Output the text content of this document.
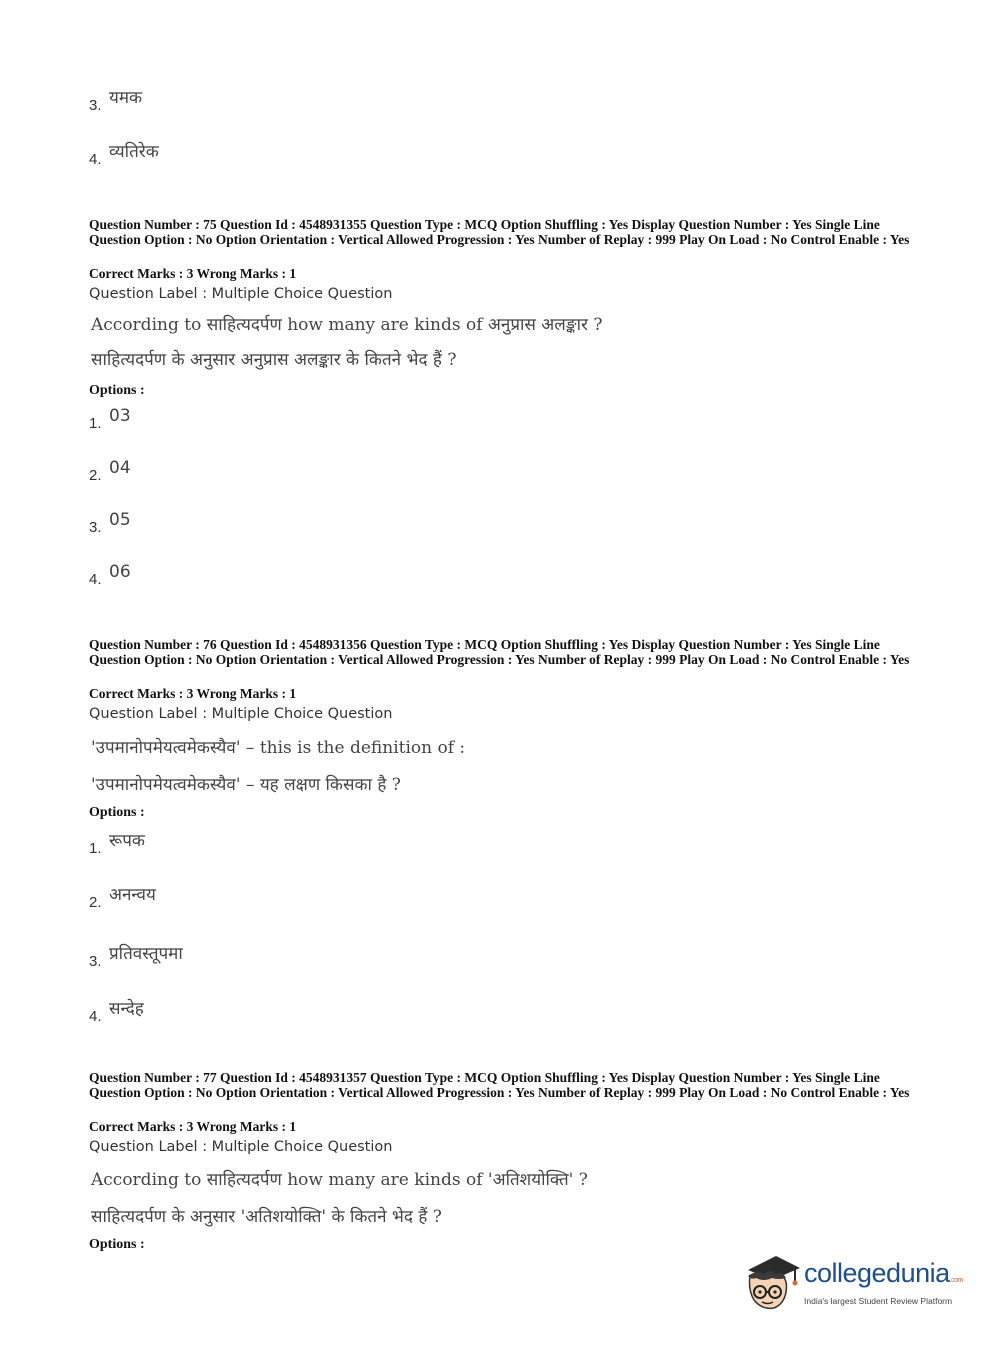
3. यमक
4. व्यतिरेक
Question Number : 75 Question Id : 4548931355 Question Type : MCQ Option Shuffling : Yes Display Question Number : Yes Single Line Question Option : No Option Orientation : Vertical Allowed Progression : Yes Number of Replay : 999 Play On Load : No Control Enable : Yes
Correct Marks : 3 Wrong Marks : 1
Question Label : Multiple Choice Question
According to साहित्यदर्पण how many are kinds of अनुप्रास अलङ्कार ?
साहित्यदर्पण के अनुसार अनुप्रास अलङ्कार के कितने भेद हैं ?
Options :
1. 03
2. 04
3. 05
4. 06
Question Number : 76 Question Id : 4548931356 Question Type : MCQ Option Shuffling : Yes Display Question Number : Yes Single Line Question Option : No Option Orientation : Vertical Allowed Progression : Yes Number of Replay : 999 Play On Load : No Control Enable : Yes
Correct Marks : 3 Wrong Marks : 1
Question Label : Multiple Choice Question
'उपमानोपमेयत्वमेकस्यैव' – this is the definition of :
'उपमानोपमेयत्वमेकस्यैव' – यह लक्षण किसका है ?
Options :
1. रूपक
2. अनन्वय
3. प्रतिवस्तूपमा
4. सन्देह
Question Number : 77 Question Id : 4548931357 Question Type : MCQ Option Shuffling : Yes Display Question Number : Yes Single Line Question Option : No Option Orientation : Vertical Allowed Progression : Yes Number of Replay : 999 Play On Load : No Control Enable : Yes
Correct Marks : 3 Wrong Marks : 1
Question Label : Multiple Choice Question
According to साहित्यदर्पण how many are kinds of 'अतिशयोक्ति' ?
साहित्यदर्पण के अनुसार 'अतिशयोक्ति' के कितने भेद हैं ?
Options :
collegedunia.com
India's largest Student Review Platform
